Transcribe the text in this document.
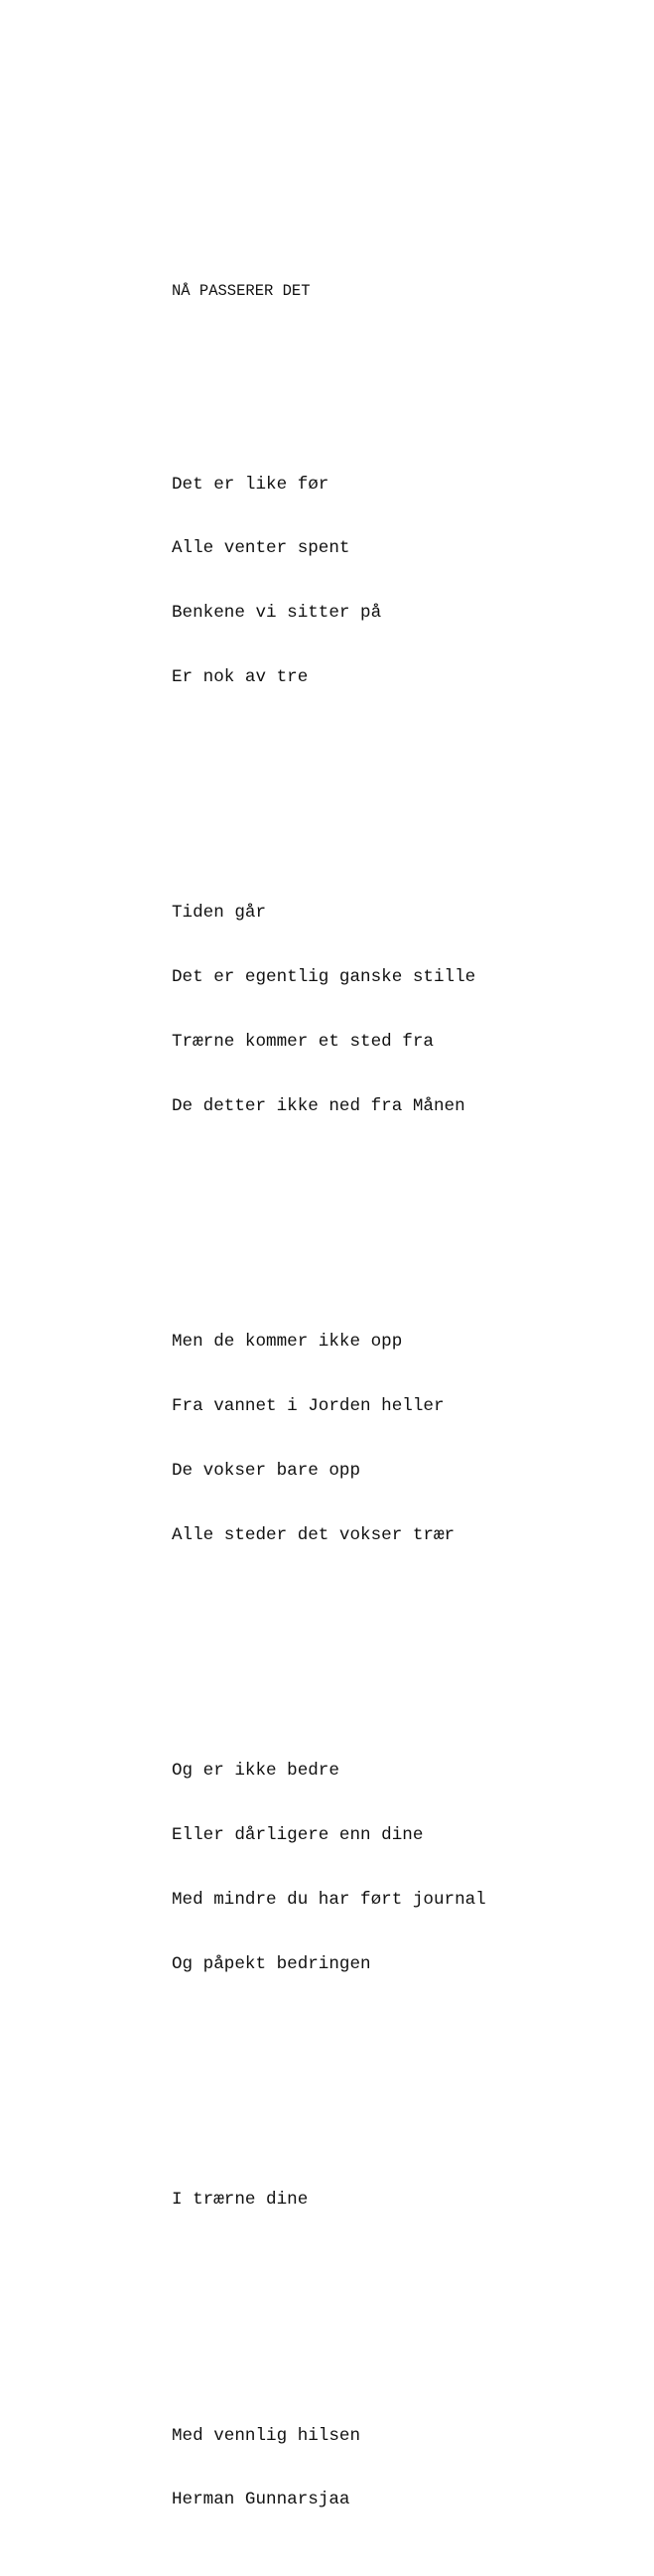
NÅ PASSERER DET

Det er like før

Alle venter spent

Benkene vi sitter på

Er nok av tre

Tiden går

Det er egentlig ganske stille

Trærne kommer et sted fra

De detter ikke ned fra Månen

Men de kommer ikke opp

Fra vannet i Jorden heller

De vokser bare opp

Alle steder det vokser trær

Og er ikke bedre

Eller dårligere enn dine

Med mindre du har ført journal

Og påpekt bedringen

I trærne dine

Med vennlig hilsen

Herman Gunnarsjaa
